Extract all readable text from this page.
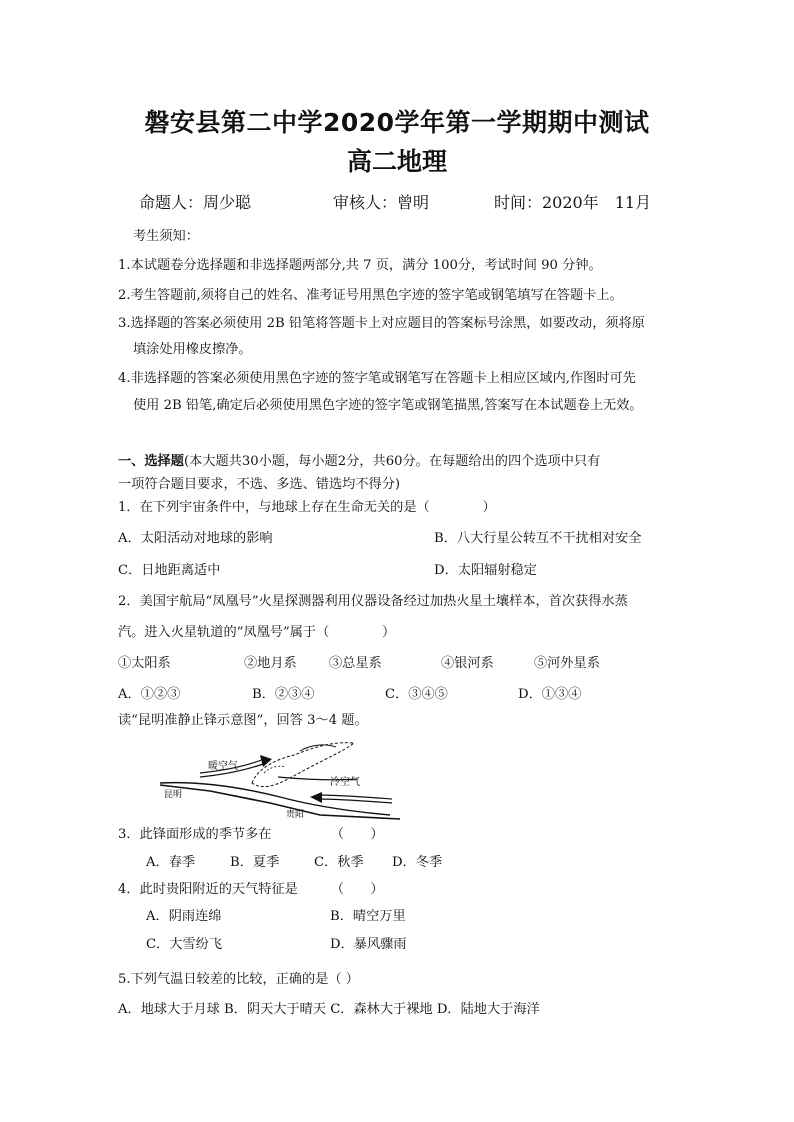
磐安县第二中学2020学年第一学期期中测试
高二地理
命题人：周少聪	审核人：曾明	时间：2020年　11月
考生须知：
1.本试题卷分选择题和非选择题两部分,共 7 页，满分 100分，考试时间 90 分钟。
2.考生答题前,须将自己的姓名、准考证号用黑色字迹的签字笔或钢笔填写在答题卡上。
3.选择题的答案必须使用 2B 铅笔将答题卡上对应题目的答案标号涂黑，如要改动，须将原
填涂处用橡皮擦净。
4.非选择题的答案必须使用黑色字迹的签字笔或钢笔写在答题卡上相应区域内,作图时可先
使用 2B 铅笔,确定后必须使用黑色字迹的签字笔或钢笔描黑,答案写在本试题卷上无效。
一、选择题(本大题共30小题，每小题2分，共60分。在每题给出的四个选项中只有
一项符合题目要求，不选、多选、错选均不得分)
1．在下列宇宙条件中，与地球上存在生命无关的是（　　　　）
A．太阳活动对地球的影响	B．八大行星公转互不干扰相对安全
C．日地距离适中	D．太阳辐射稳定
2．美国宇航局“凤凰号”火星探测器利用仪器设备经过加热火星土壤样本，首次获得水蒸
汽。进入火星轨道的“凤凰号”属于（　　　　）
①太阳系	②地月系 ③总星系	④银河系	⑤河外星系
A．①②③	B．②③④	C．③④⑤	D．①③④
读“昆明准静止锋示意图”，回答 3～4 题。
暖空气
冷空气
昆明
贵阳
3．此锋面形成的季节多在　　　　　（　　）
A．春季	B．夏季	C．秋季 D．冬季
4．此时贵阳附近的天气特征是　　　（　　）
A．阴雨连绵	B．晴空万里
C．大雪纷飞	D．暴风骤雨
5.下列气温日较差的比较，正确的是（ ）
A．地球大于月球 B．阴天大于晴天 C．森林大于裸地 D．陆地大于海洋
